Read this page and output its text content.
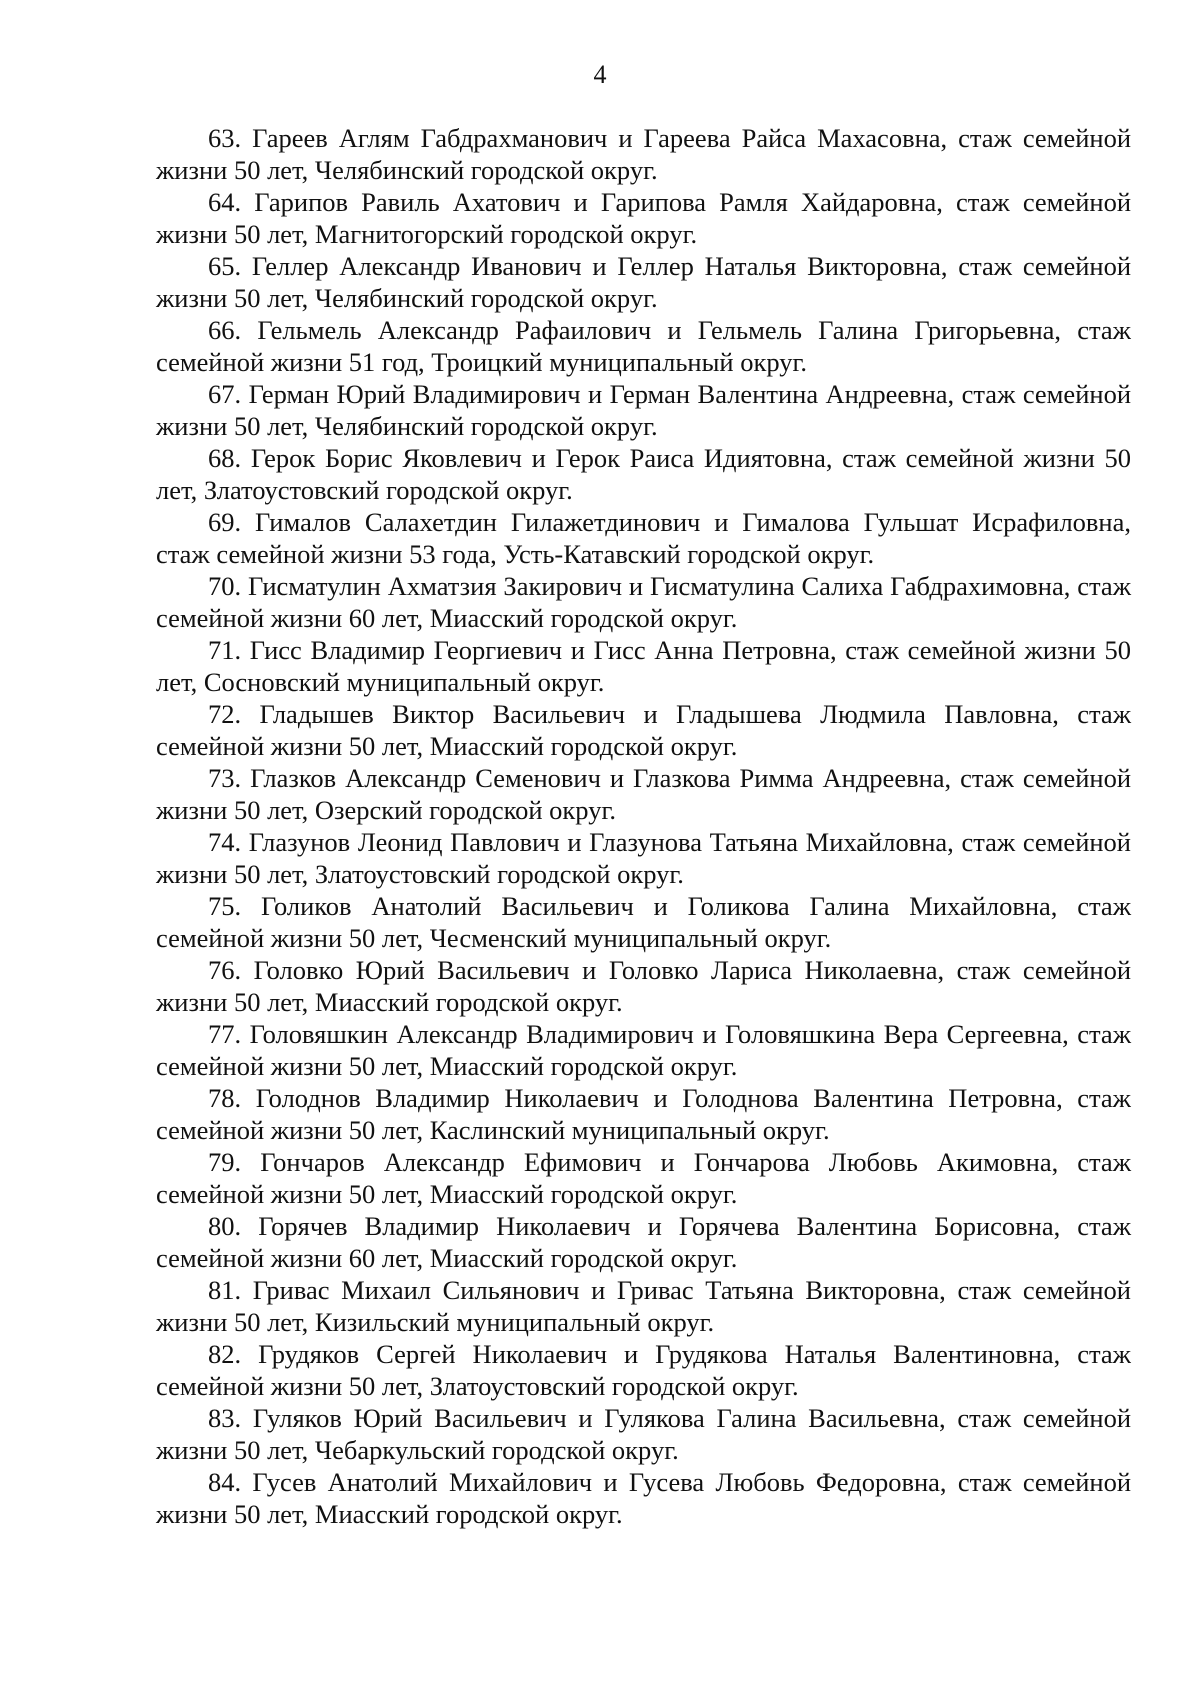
4

63. Гареев Аглям Габдрахманович и Гареева Райса Махасовна, стаж семейной жизни 50 лет, Челябинский городской округ.

64. Гарипов Равиль Ахатович и Гарипова Рамля Хайдаровна, стаж семейной жизни 50 лет, Магнитогорский городской округ.

65. Геллер Александр Иванович и Геллер Наталья Викторовна, стаж семейной жизни 50 лет, Челябинский городской округ.

66. Гельмель Александр Рафаилович и Гельмель Галина Григорьевна, стаж семейной жизни 51 год, Троицкий муниципальный округ.

67. Герман Юрий Владимирович и Герман Валентина Андреевна, стаж семейной жизни 50 лет, Челябинский городской округ.

68. Герок Борис Яковлевич и Герок Раиса Идиятовна, стаж семейной жизни 50 лет, Златоустовский городской округ.

69. Гималов Салахетдин Гилажетдинович и Гималова Гульшат Исрафиловна, стаж семейной жизни 53 года, Усть-Катавский городской округ.

70. Гисматулин Ахматзия Закирович и Гисматулина Салиха Габдрахимовна, стаж семейной жизни 60 лет, Миасский городской округ.

71. Гисс Владимир Георгиевич и Гисс Анна Петровна, стаж семейной жизни 50 лет, Сосновский муниципальный округ.

72. Гладышев Виктор Васильевич и Гладышева Людмила Павловна, стаж семейной жизни 50 лет, Миасский городской округ.

73. Глазков Александр Семенович и Глазкова Римма Андреевна, стаж семейной жизни 50 лет, Озерский городской округ.

74. Глазунов Леонид Павлович и Глазунова Татьяна Михайловна, стаж семейной жизни 50 лет, Златоустовский городской округ.

75. Голиков Анатолий Васильевич и Голикова Галина Михайловна, стаж семейной жизни 50 лет, Чесменский муниципальный округ.

76. Головко Юрий Васильевич и Головко Лариса Николаевна, стаж семейной жизни 50 лет, Миасский городской округ.

77. Головяшкин Александр Владимирович и Головяшкина Вера Сергеевна, стаж семейной жизни 50 лет, Миасский городской округ.

78. Голоднов Владимир Николаевич и Голоднова Валентина Петровна, стаж семейной жизни 50 лет, Каслинский муниципальный округ.

79. Гончаров Александр Ефимович и Гончарова Любовь Акимовна, стаж семейной жизни 50 лет, Миасский городской округ.

80. Горячев Владимир Николаевич и Горячева Валентина Борисовна, стаж семейной жизни 60 лет, Миасский городской округ.

81. Гривас Михаил Сильянович и Гривас Татьяна Викторовна, стаж семейной жизни 50 лет, Кизильский муниципальный округ.

82. Грудяков Сергей Николаевич и Грудякова Наталья Валентиновна, стаж семейной жизни 50 лет, Златоустовский городской округ.

83. Гуляков Юрий Васильевич и Гулякова Галина Васильевна, стаж семейной жизни 50 лет, Чебаркульский городской округ.

84. Гусев Анатолий Михайлович и Гусева Любовь Федоровна, стаж семейной жизни 50 лет, Миасский городской округ.
